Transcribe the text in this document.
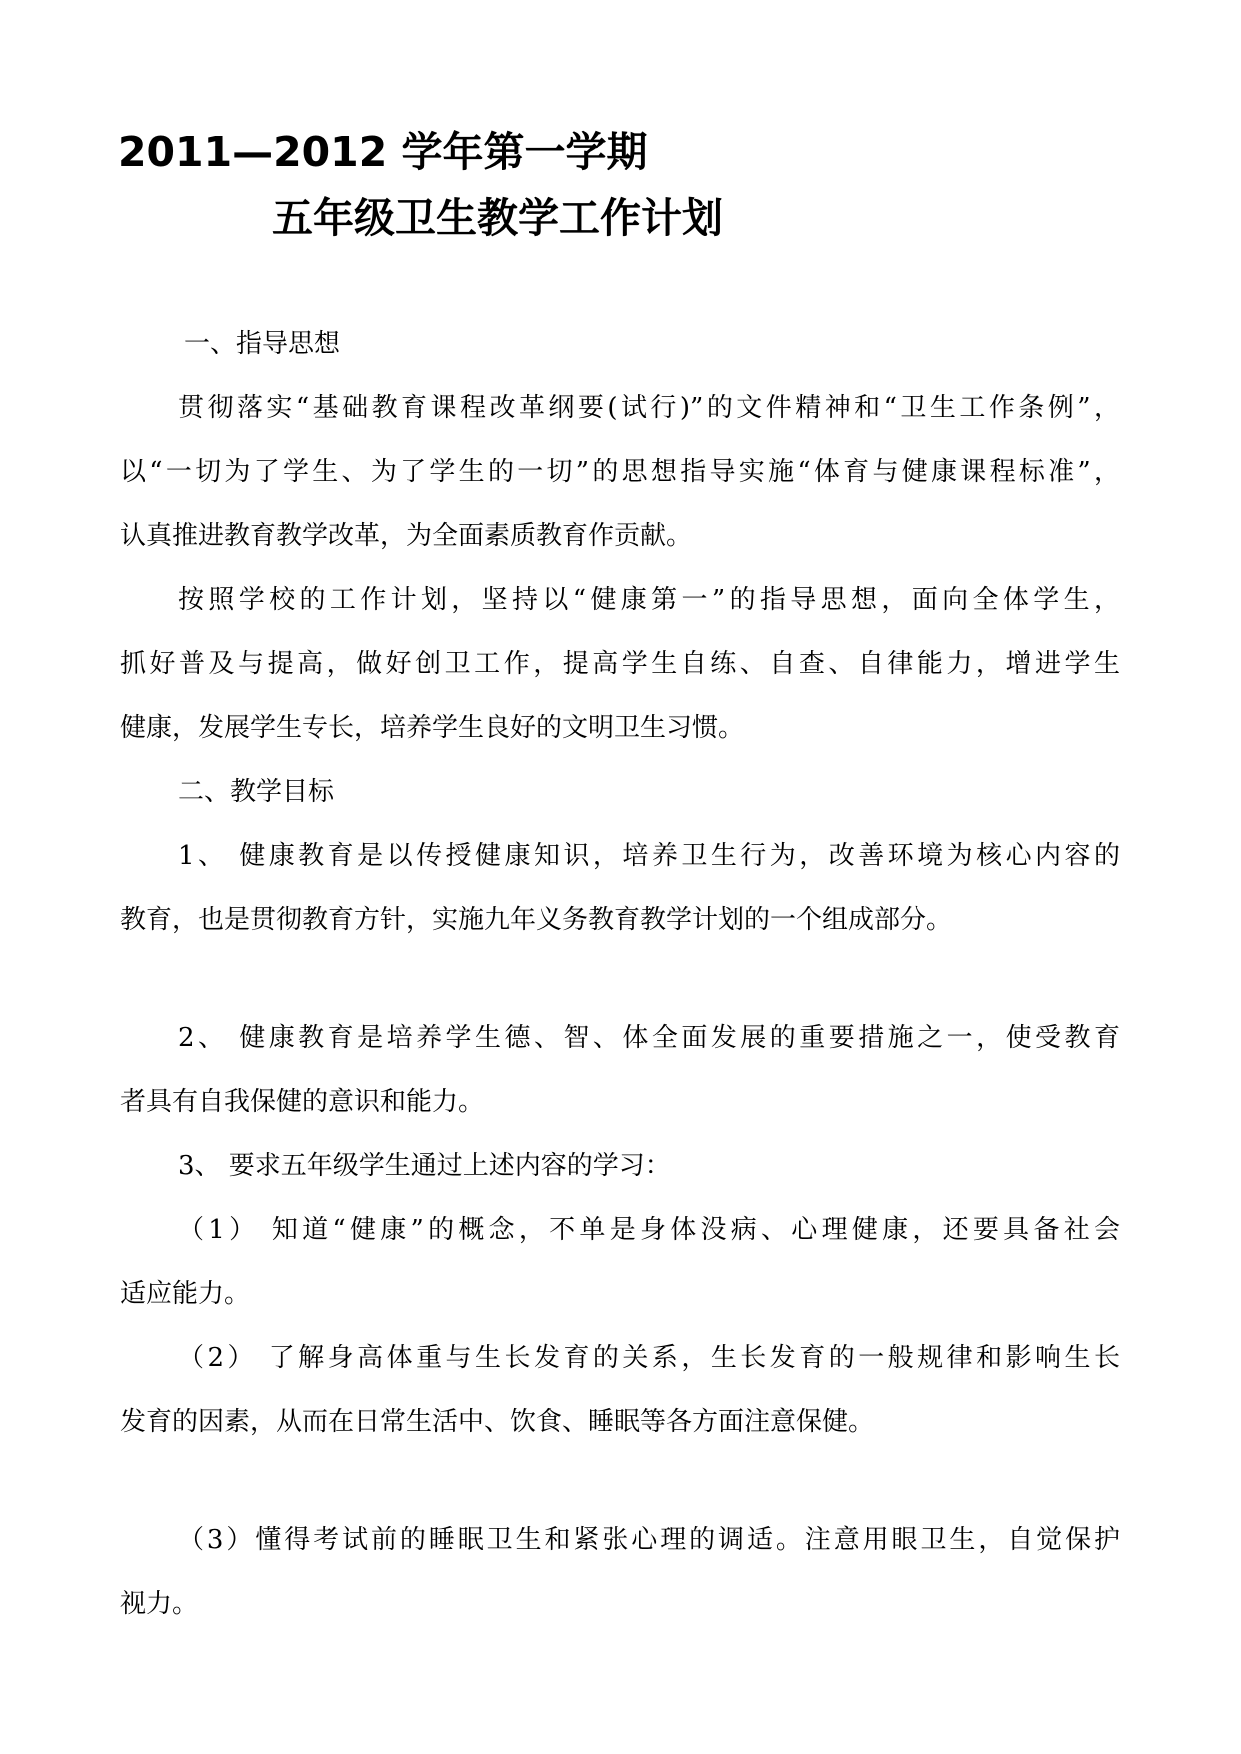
2011—2012 学年第一学期
五年级卫生教学工作计划
一、指导思想
贯彻落实“基础教育课程改革纲要(试行)”的文件精神和“卫生工作条例”，
以“一切为了学生、为了学生的一切”的思想指导实施“体育与健康课程标准”，
认真推进教育教学改革，为全面素质教育作贡献。
按照学校的工作计划，坚持以“健康第一”的指导思想，面向全体学生，
抓好普及与提高，做好创卫工作，提高学生自练、自查、自律能力，增进学生
健康，发展学生专长，培养学生良好的文明卫生习惯。
二、教学目标
1、 健康教育是以传授健康知识，培养卫生行为，改善环境为核心内容的
教育，也是贯彻教育方针，实施九年义务教育教学计划的一个组成部分。
2、 健康教育是培养学生德、智、体全面发展的重要措施之一，使受教育
者具有自我保健的意识和能力。
3、 要求五年级学生通过上述内容的学习：
（1） 知道“健康”的概念，不单是身体没病、心理健康，还要具备社会
适应能力。
（2） 了解身高体重与生长发育的关系，生长发育的一般规律和影响生长
发育的因素，从而在日常生活中、饮食、睡眠等各方面注意保健。
（3）懂得考试前的睡眠卫生和紧张心理的调适。注意用眼卫生，自觉保护
视力。
